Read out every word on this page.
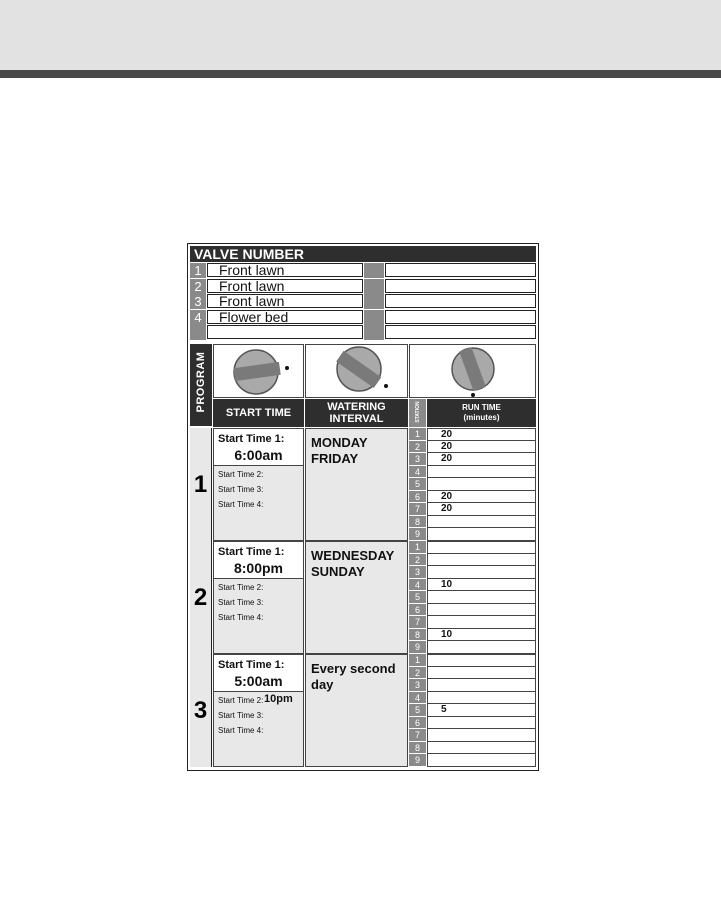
VALVE NUMBER
1	Front lawn
2	Front lawn
3	Front lawn
4	Flower bed
PROGRAM
START TIME	WATERING
INTERVAL	STATION	RUN TIME
(minutes)
1
Start Time 1:
6:00am
Start Time 2:
Start Time 3:
Start Time 4:
MONDAY
FRIDAY
1	20
2	20
3	20
4
5
6	20
7	20
8
9
2
Start Time 1:
8:00pm
Start Time 2:
Start Time 3:
Start Time 4:
WEDNESDAY
SUNDAY
1
2
3
4	10
5
6
7
8	10
9
3
Start Time 1:
5:00am
Start Time 2: 10pm
Start Time 3:
Start Time 4:
Every second
day
1
2
3
4
5	5
6
7
8
9
